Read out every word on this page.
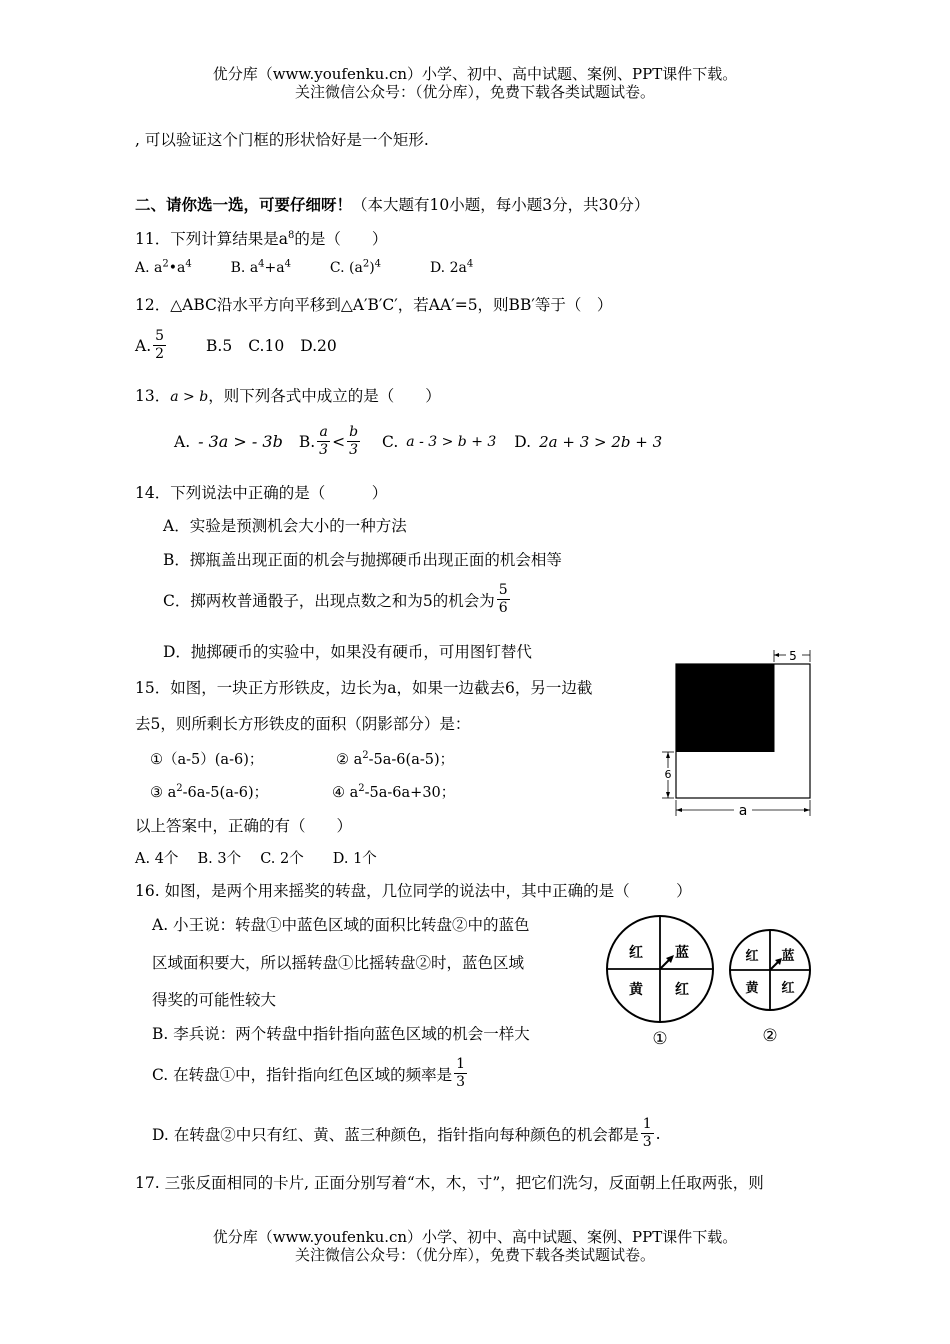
优分库（www.youfenku.cn）小学、初中、高中试题、案例、PPT课件下载。
关注微信公众号：（优分库），免费下载各类试题试卷。
, 可以验证这个门框的形状恰好是一个矩形.
二、请你选一选，可要仔细呀！（本大题有10小题，每小题3分，共30分）
11．下列计算结果是$a^8$的是（　　）
A. $a^2•a^4$	B. $a^4+a^4$	C. $(a^2)^4$	D. $2a^4$
12．△ABC沿水平方向平移到△A′B′C′，若AA′=5，则BB′等于（　）
A. $\frac{5}{2}$	B.5 C.10 D.20
13．a > b，则下列各式中成立的是（　　）
A. - 3a > - 3b B. $\frac{a}{3} < \frac{b}{3} C$. a - 3 > b + 3 D. 2a + 3 > 2b + 3
14．下列说法中正确的是（　　　）
A．实验是预测机会大小的一种方法
B．掷瓶盖出现正面的机会与抛掷硬币出现正面的机会相等
C．掷两枚普通骰子，出现点数之和为5的机会为 $\frac{5}{6}$
D．抛掷硬币的实验中，如果没有硬币，可用图钉替代
15．如图，一块正方形铁皮，边长为a，如果一边截去6，另一边截
去5，则所剩长方形铁皮的面积（阴影部分）是：
①（a-5）(a-6)；	② $a^2-5a-6(a-5)$；
③ $a^2-6a-5(a-6)$；	④ $a^2-5a-6a+30$；
以上答案中，正确的有（　　）
A. 4个　 B. 3个　 C. 2个　　D. 1个
5
6
a
16. 如图，是两个用来摇奖的转盘，几位同学的说法中，其中正确的是（　　　）
A. 小王说：转盘①中蓝色区域的面积比转盘②中的蓝色
区域面积要大，所以摇转盘①比摇转盘②时，蓝色区域
得奖的可能性较大
B. 李兵说：两个转盘中指针指向蓝色区域的机会一样大
C. 在转盘①中，指针指向红色区域的频率是 $\frac{1}{3}$
D. 在转盘②中只有红、黄、蓝三种颜色，指针指向每种颜色的机会都是 $\frac{1}{3}$ .
红 蓝
黄 红
①
红 蓝
黄 红
②
17. 三张反面相同的卡片, 正面分别写着“木，木，寸”，把它们洗匀，反面朝上任取两张，则
优分库（www.youfenku.cn）小学、初中、高中试题、案例、PPT课件下载。
关注微信公众号：（优分库），免费下载各类试题试卷。
